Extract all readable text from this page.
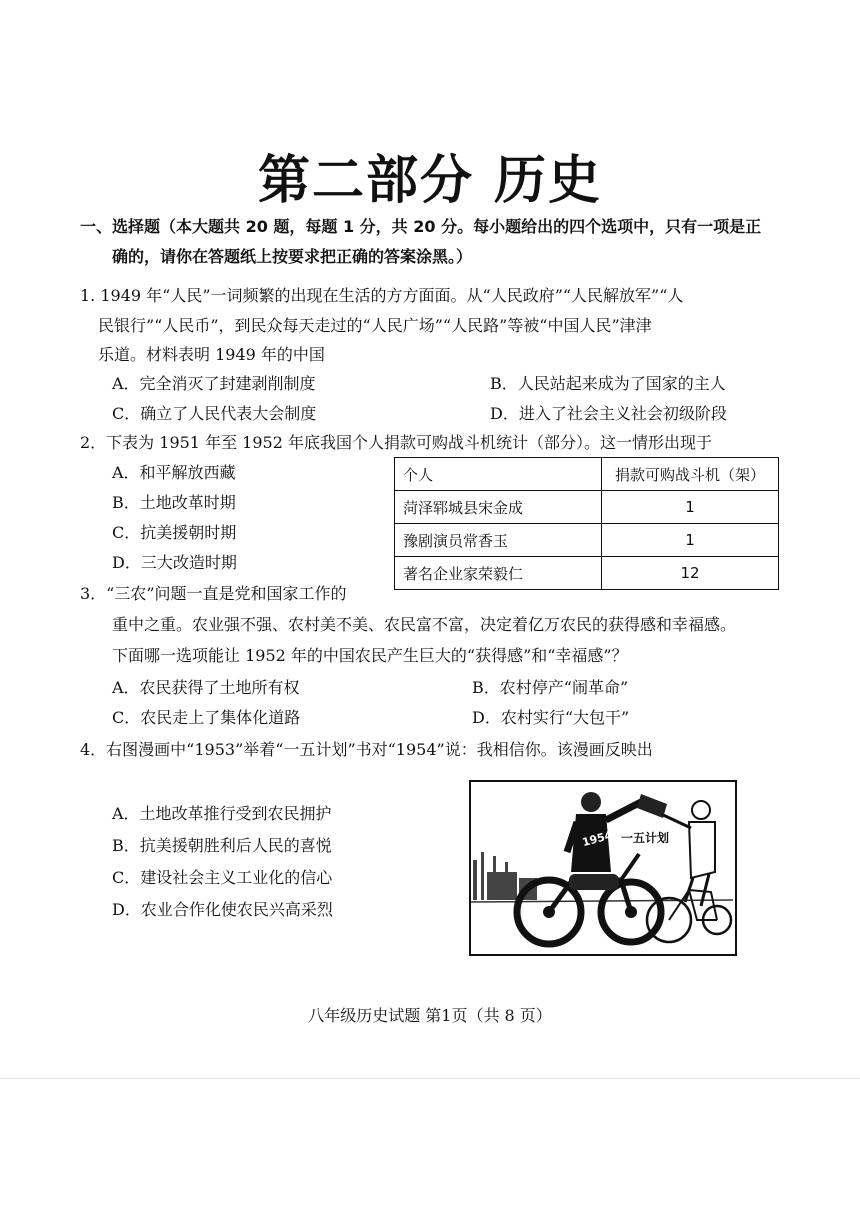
第二部分 历史
一、选择题（本大题共 20 题，每题 1 分，共 20 分。每小题给出的四个选项中，只有一项是正
确的，请你在答题纸上按要求把正确的答案涂黑。）
1. 1949 年“人民”一词频繁的出现在生活的方方面面。从“人民政府”“人民解放军”“人
民银行”“人民币”，到民众每天走过的“人民广场”“人民路”等被“中国人民”津津
乐道。材料表明 1949 年的中国
A．完全消灭了封建剥削制度	B．人民站起来成为了国家的主人
C．确立了人民代表大会制度	D．进入了社会主义社会初级阶段
2．下表为 1951 年至 1952 年底我国个人捐款可购战斗机统计（部分）。这一情形出现于
A．和平解放西藏
B．土地改革时期
C．抗美援朝时期
D．三大改造时期
个人	捐款可购战斗机（架）
菏泽郓城县宋金成	1
豫剧演员常香玉	1
著名企业家荣毅仁	12
3．“三农”问题一直是党和国家工作的
重中之重。农业强不强、农村美不美、农民富不富，决定着亿万农民的获得感和幸福感。
下面哪一选项能让 1952 年的中国农民产生巨大的“获得感”和“幸福感”？
A．农民获得了土地所有权	B．农村停产“闹革命”
C．农民走上了集体化道路	D．农村实行“大包干”
4．右图漫画中“1953”举着“一五计划”书对“1954”说：我相信你。该漫画反映出
A．土地改革推行受到农民拥护
B．抗美援朝胜利后人民的喜悦
C．建设社会主义工业化的信心
D．农业合作化使农民兴高采烈
1954 一五计划
八年级历史试题 第1页（共 8 页）
